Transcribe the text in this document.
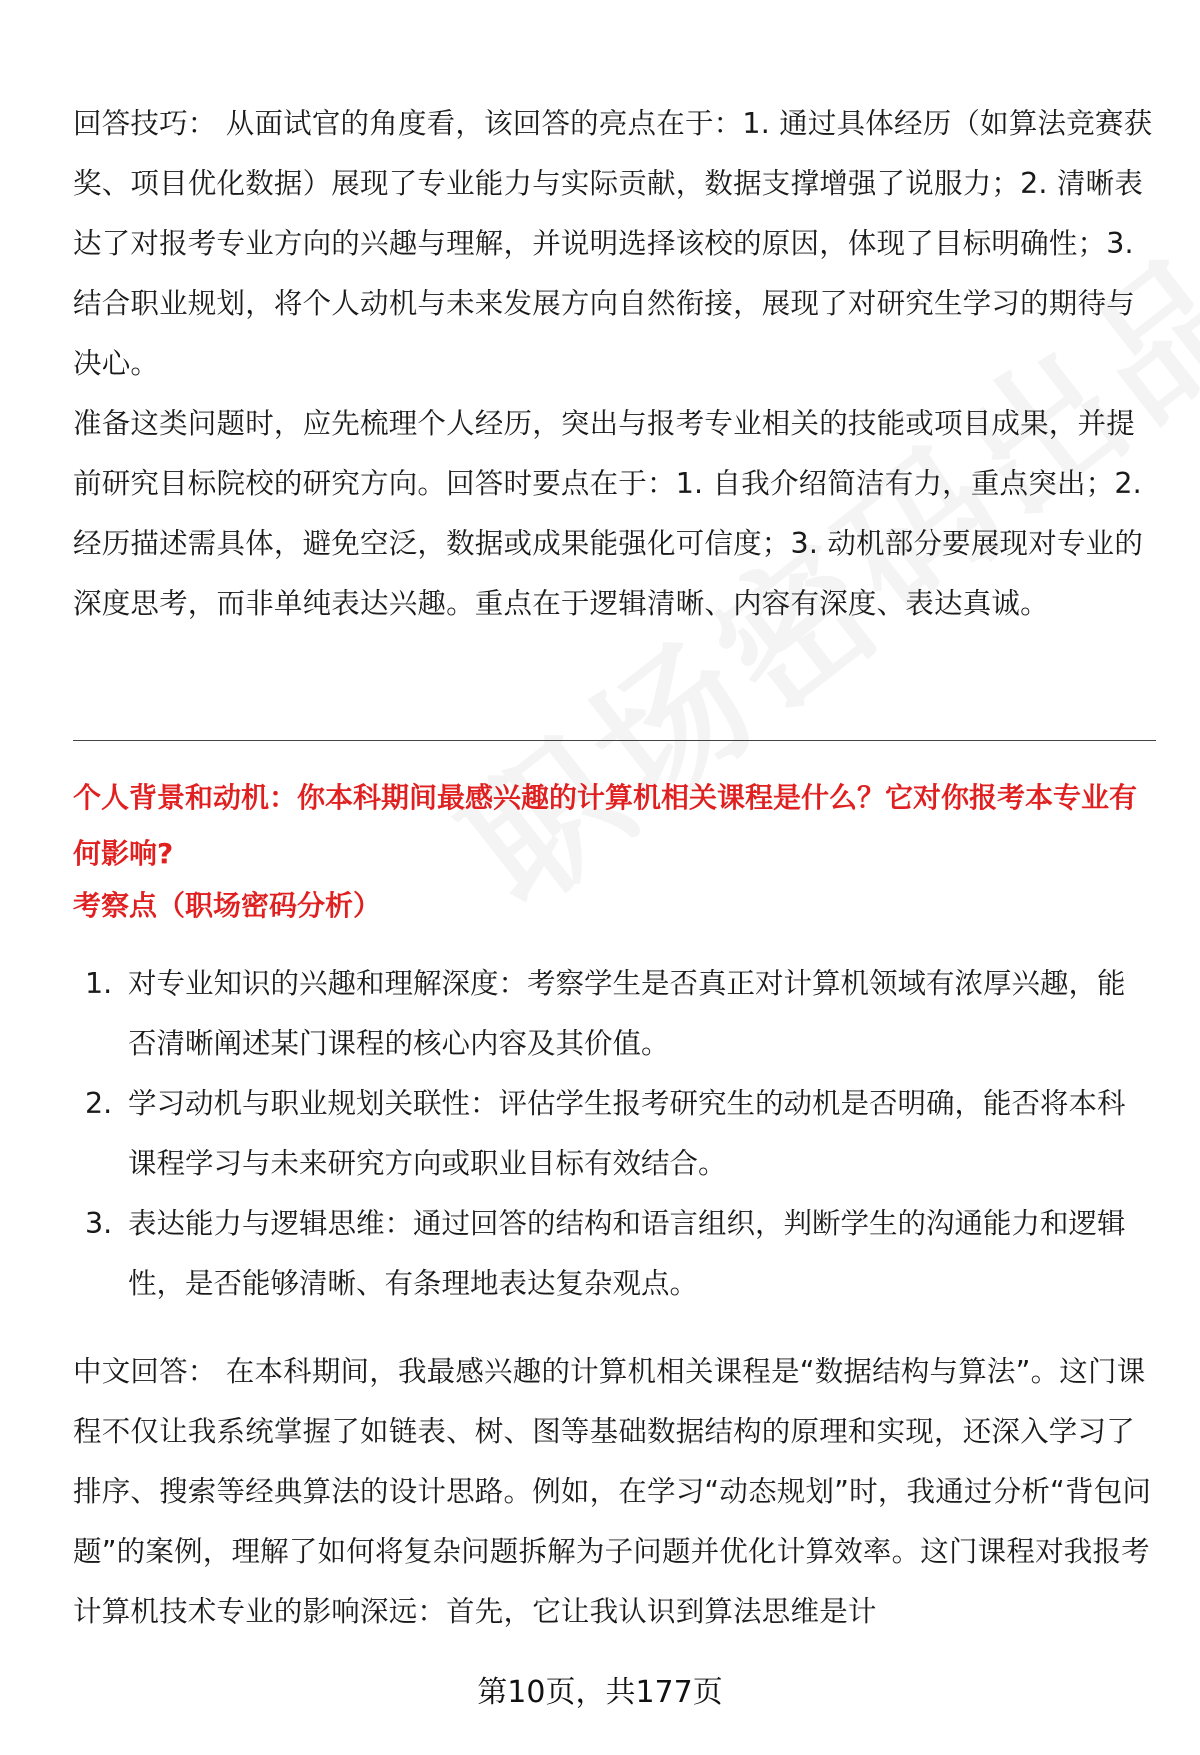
回答技巧： 从面试官的角度看，该回答的亮点在于：1. 通过具体经历（如算法竞赛获奖、项目优化数据）展现了专业能力与实际贡献，数据支撑增强了说服力；2. 清晰表达了对报考专业方向的兴趣与理解，并说明选择该校的原因，体现了目标明确性；3. 结合职业规划，将个人动机与未来发展方向自然衔接，展现了对研究生学习的期待与决心。

准备这类问题时，应先梳理个人经历，突出与报考专业相关的技能或项目成果，并提前研究目标院校的研究方向。回答时要点在于：1. 自我介绍简洁有力，重点突出；2. 经历描述需具体，避免空泛，数据或成果能强化可信度；3. 动机部分要展现对专业的深度思考，而非单纯表达兴趣。重点在于逻辑清晰、内容有深度、表达真诚。

个人背景和动机：你本科期间最感兴趣的计算机相关课程是什么？它对你报考本专业有何影响?

考察点（职场密码分析）

1. 对专业知识的兴趣和理解深度：考察学生是否真正对计算机领域有浓厚兴趣，能否清晰阐述某门课程的核心内容及其价值。
2. 学习动机与职业规划关联性：评估学生报考研究生的动机是否明确，能否将本科课程学习与未来研究方向或职业目标有效结合。
3. 表达能力与逻辑思维：通过回答的结构和语言组织，判断学生的沟通能力和逻辑性，是否能够清晰、有条理地表达复杂观点。

中文回答： 在本科期间，我最感兴趣的计算机相关课程是“数据结构与算法”。这门课程不仅让我系统掌握了如链表、树、图等基础数据结构的原理和实现，还深入学习了排序、搜索等经典算法的设计思路。例如，在学习“动态规划”时，我通过分析“背包问题”的案例，理解了如何将复杂问题拆解为子问题并优化计算效率。这门课程对我报考计算机技术专业的影响深远：首先，它让我认识到算法思维是计

第10页，共177页
